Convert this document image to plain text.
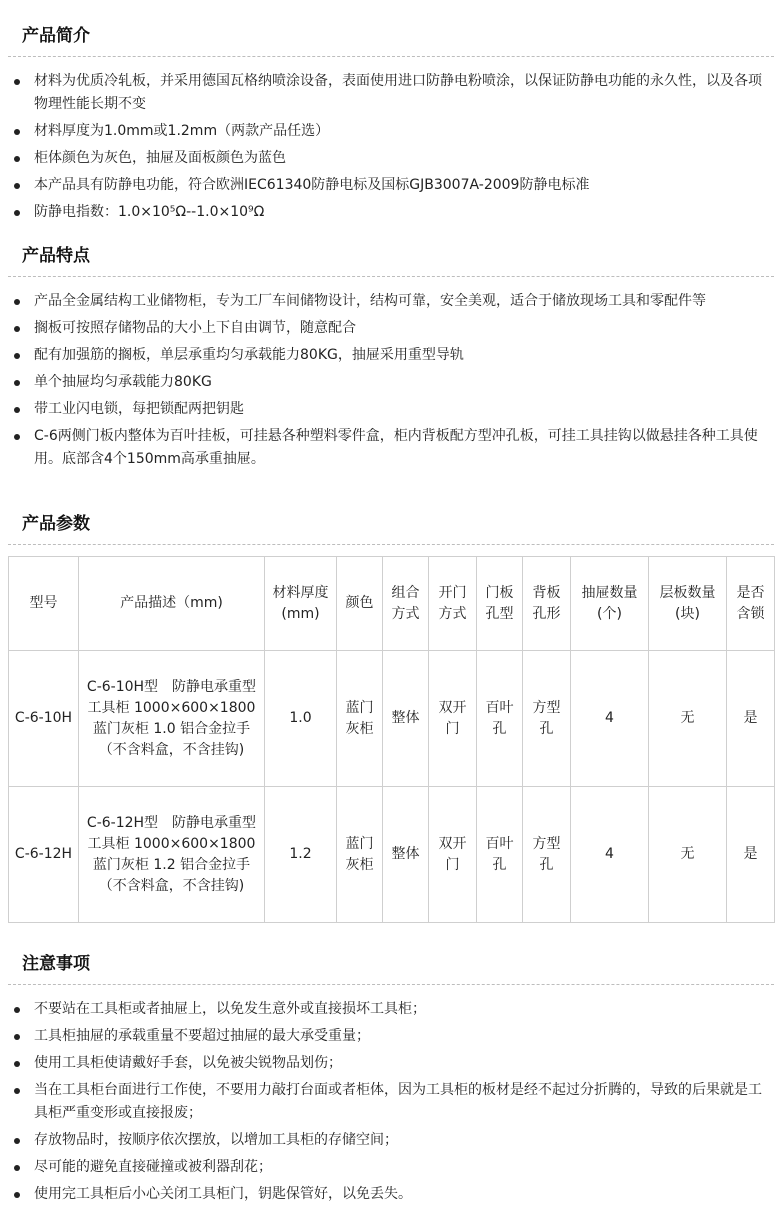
产品简介
材料为优质冷轧板，并采用德国瓦格纳喷涂设备，表面使用进口防静电粉喷涂，以保证防静电功能的永久性，以及各项物理性能长期不变
材料厚度为1.0mm或1.2mm（两款产品任选）
柜体颜色为灰色，抽屉及面板颜色为蓝色
本产品具有防静电功能，符合欧洲IEC61340防静电标及国标GJB3007A-2009防静电标准
防静电指数：1.0×10⁵Ω--1.0×10⁹Ω
产品特点
产品全金属结构工业储物柜，专为工厂车间储物设计，结构可靠，安全美观，适合于储放现场工具和零配件等
搁板可按照存储物品的大小上下自由调节，随意配合
配有加强筋的搁板，单层承重均匀承载能力80KG，抽屉采用重型导轨
单个抽屉均匀承载能力80KG
带工业闪电锁，每把锁配两把钥匙
C-6两侧门板内整体为百叶挂板，可挂悬各种塑料零件盒，柜内背板配方型冲孔板，可挂工具挂钩以做悬挂各种工具使用。底部含4个150mm高承重抽屉。
产品参数
型号	产品描述（mm)	材料厚度(mm)	颜色	组合方式	开门方式	门板孔型	背板孔形	抽屉数量(个)	层板数量(块)	是否含锁
C-6-10H	C-6-10H型　防静电承重型工具柜 1000×600×1800 蓝门灰柜 1.0 铝合金拉手（不含料盒，不含挂钩)	1.0	蓝门灰柜	整体	双开门	百叶孔	方型孔	4	无	是
C-6-12H	C-6-12H型　防静电承重型工具柜 1000×600×1800 蓝门灰柜 1.2 铝合金拉手（不含料盒，不含挂钩)	1.2	蓝门灰柜	整体	双开门	百叶孔	方型孔	4	无	是
注意事项
不要站在工具柜或者抽屉上，以免发生意外或直接损坏工具柜；
工具柜抽屉的承载重量不要超过抽屉的最大承受重量；
使用工具柜使请戴好手套，以免被尖锐物品划伤；
当在工具柜台面进行工作使，不要用力敲打台面或者柜体，因为工具柜的板材是经不起过分折腾的，导致的后果就是工具柜严重变形或直接报废；
存放物品时，按顺序依次摆放，以增加工具柜的存储空间；
尽可能的避免直接碰撞或被利器刮花；
使用完工具柜后小心关闭工具柜门，钥匙保管好，以免丢失。
